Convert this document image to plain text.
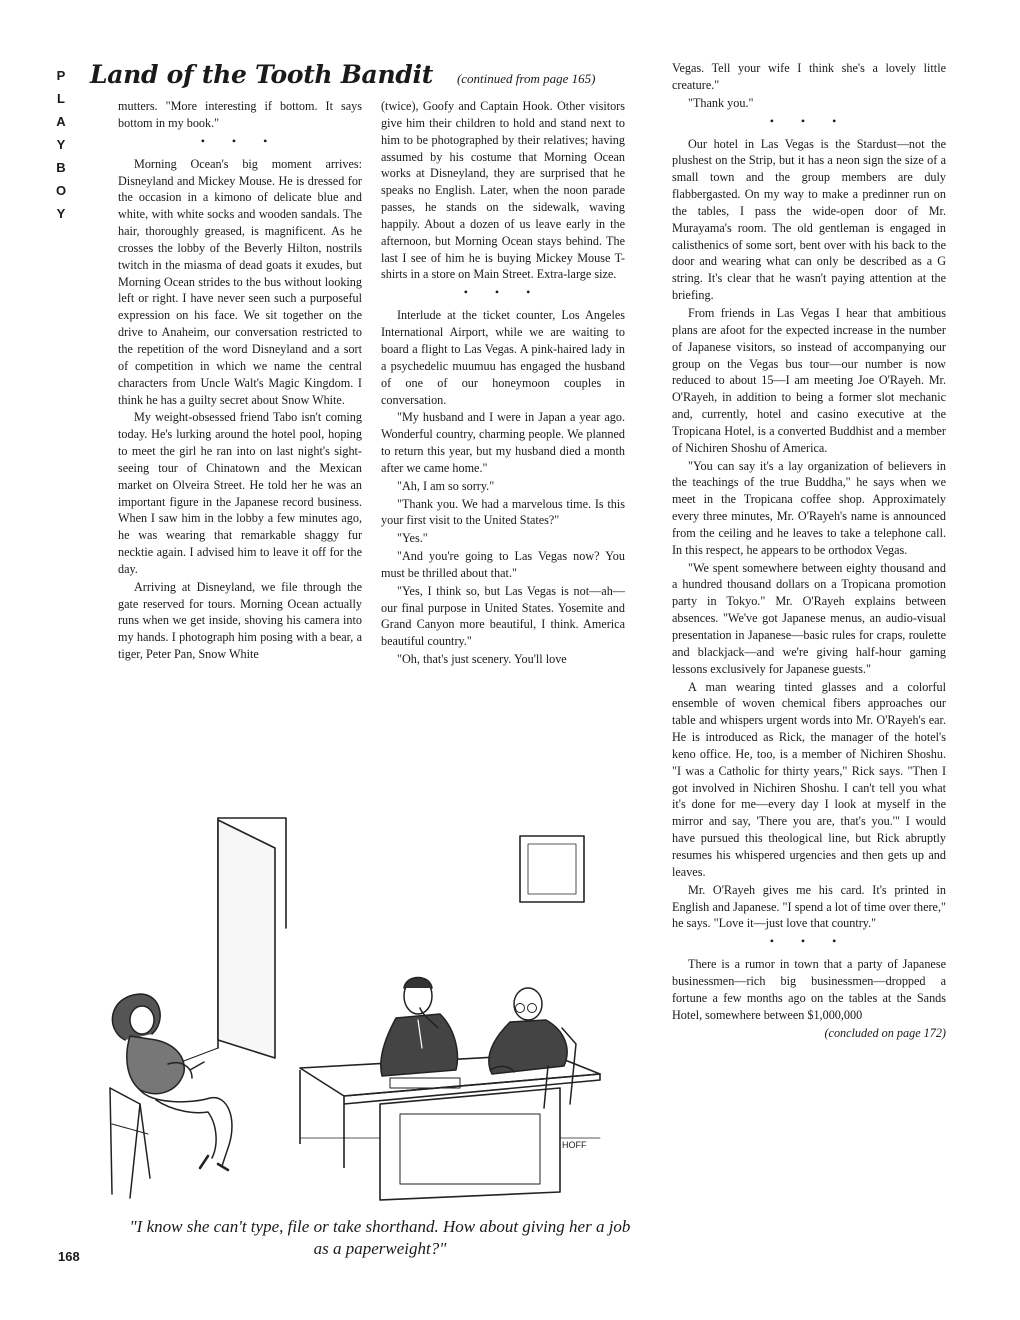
P
L
A
Y
B
O
Y
Land of the Tooth Bandit (continued from page 165)

mutters. "More interesting if bottom. It says bottom in my book."

• • •

Morning Ocean's big moment arrives: Disneyland and Mickey Mouse. He is dressed for the occasion in a kimono of delicate blue and white, with white socks and wooden sandals. The hair, thoroughly greased, is magnificent. As he crosses the lobby of the Beverly Hilton, nostrils twitch in the miasma of dead goats it exudes, but Morning Ocean strides to the bus without looking left or right. I have never seen such a purposeful expression on his face. We sit together on the drive to Anaheim, our conversation restricted to the repetition of the word Disneyland and a sort of competition in which we name the central characters from Uncle Walt's Magic Kingdom. I think he has a guilty secret about Snow White.

My weight-obsessed friend Tabo isn't coming today. He's lurking around the hotel pool, hoping to meet the girl he ran into on last night's sight-seeing tour of Chinatown and the Mexican market on Olveira Street. He told her he was an important figure in the Japanese record business. When I saw him in the lobby a few minutes ago, he was wearing that remarkable shaggy fur necktie again. I advised him to leave it off for the day.

Arriving at Disneyland, we file through the gate reserved for tours. Morning Ocean actually runs when we get inside, shoving his camera into my hands. I photograph him posing with a bear, a tiger, Peter Pan, Snow White

(twice), Goofy and Captain Hook. Other visitors give him their children to hold and stand next to him to be photographed by their relatives; having assumed by his costume that Morning Ocean works at Disneyland, they are surprised that he speaks no English. Later, when the noon parade passes, he stands on the sidewalk, waving happily. About a dozen of us leave early in the afternoon, but Morning Ocean stays behind. The last I see of him he is buying Mickey Mouse T-shirts in a store on Main Street. Extra-large size.

• • •

Interlude at the ticket counter, Los Angeles International Airport, while we are waiting to board a flight to Las Vegas. A pink-haired lady in a psychedelic muumuu has engaged the husband of one of our honeymoon couples in conversation.

"My husband and I were in Japan a year ago. Wonderful country, charming people. We planned to return this year, but my husband died a month after we came home."

"Ah, I am so sorry."

"Thank you. We had a marvelous time. Is this your first visit to the United States?"

"Yes."

"And you're going to Las Vegas now? You must be thrilled about that."

"Yes, I think so, but Las Vegas is not—ah—our final purpose in United States. Yosemite and Grand Canyon more beautiful, I think. America beautiful country."

"Oh, that's just scenery. You'll love

Vegas. Tell your wife I think she's a lovely little creature."

"Thank you."

• • •

Our hotel in Las Vegas is the Stardust—not the plushest on the Strip, but it has a neon sign the size of a small town and the group members are duly flabbergasted. On my way to make a predinner run on the tables, I pass the wide-open door of Mr. Murayama's room. The old gentleman is engaged in calisthenics of some sort, bent over with his back to the door and wearing what can only be described as a G string. It's clear that he wasn't paying attention at the briefing.

From friends in Las Vegas I hear that ambitious plans are afoot for the expected increase in the number of Japanese visitors, so instead of accompanying our group on the Vegas bus tour—our number is now reduced to about 15—I am meeting Joe O'Rayeh. Mr. O'Rayeh, in addition to being a former slot mechanic and, currently, hotel and casino executive at the Tropicana Hotel, is a converted Buddhist and a member of Nichiren Shoshu of America.

"You can say it's a lay organization of believers in the teachings of the true Buddha," he says when we meet in the Tropicana coffee shop. Approximately every three minutes, Mr. O'Rayeh's name is announced from the ceiling and he leaves to take a telephone call. In this respect, he appears to be orthodox Vegas.

"We spent somewhere between eighty thousand and a hundred thousand dollars on a Tropicana promotion party in Tokyo." Mr. O'Rayeh explains between absences. "We've got Japanese menus, an audio-visual presentation in Japanese—basic rules for craps, roulette and blackjack—and we're giving half-hour gaming lessons exclusively for Japanese guests."

A man wearing tinted glasses and a colorful ensemble of woven chemical fibers approaches our table and whispers urgent words into Mr. O'Rayeh's ear. He is introduced as Rick, the manager of the hotel's keno office. He, too, is a member of Nichiren Shoshu. "I was a Catholic for thirty years," Rick says. "Then I got involved in Nichiren Shoshu. I can't tell you what it's done for me—every day I look at myself in the mirror and say, 'There you are, that's you.'" I would have pursued this theological line, but Rick abruptly resumes his whispered urgencies and then gets up and leaves.

Mr. O'Rayeh gives me his card. It's printed in English and Japanese. "I spend a lot of time over there," he says. "Love it—just love that country."

• • •

There is a rumor in town that a party of Japanese businessmen—rich big businessmen—dropped a fortune a few months ago on the tables at the Sands Hotel, somewhere between $1,000,000

(concluded on page 172)

HOFF
"I know she can't type, file or take shorthand. How about giving her a job as a paperweight?"
168
